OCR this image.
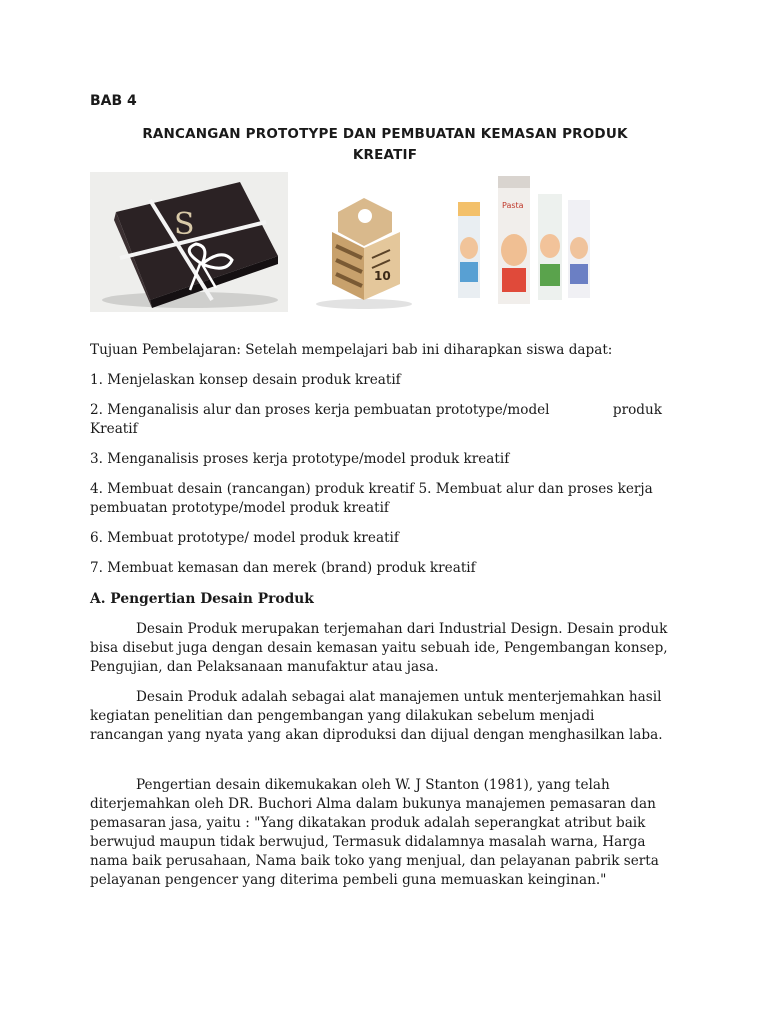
BAB 4
RANCANGAN PROTOTYPE DAN PEMBUATAN KEMASAN PRODUK
KREATIF
S
10
Pasta
Tujuan Pembelajaran: Setelah mempelajari bab ini diharapkan siswa dapat:
1. Menjelaskan konsep desain produk kreatif
2. Menganalisis alur dan proses kerja pembuatan prototype/model	produk
Kreatif
3. Menganalisis proses kerja prototype/model produk kreatif
4. Membuat desain (rancangan) produk kreatif 5. Membuat alur dan proses kerja pembuatan prototype/model produk kreatif
6. Membuat prototype/ model produk kreatif
7. Membuat kemasan dan merek (brand) produk kreatif
A. Pengertian Desain Produk

Desain Produk merupakan terjemahan dari Industrial Design. Desain produk bisa disebut juga dengan desain kemasan yaitu sebuah ide, Pengembangan konsep, Pengujian, dan Pelaksanaan manufaktur atau jasa.

Desain Produk adalah sebagai alat manajemen untuk menterjemahkan hasil kegiatan penelitian dan pengembangan yang dilakukan sebelum menjadi rancangan yang nyata yang akan diproduksi dan dijual dengan menghasilkan laba.

Pengertian desain dikemukakan oleh W. J Stanton (1981), yang telah diterjemahkan oleh DR. Buchori Alma dalam bukunya manajemen pemasaran dan pemasaran jasa, yaitu : "Yang dikatakan produk adalah seperangkat atribut baik berwujud maupun tidak berwujud, Termasuk didalamnya masalah warna, Harga nama baik perusahaan, Nama baik toko yang menjual, dan pelayanan pabrik serta pelayanan pengencer yang diterima pembeli guna memuaskan keinginan."
